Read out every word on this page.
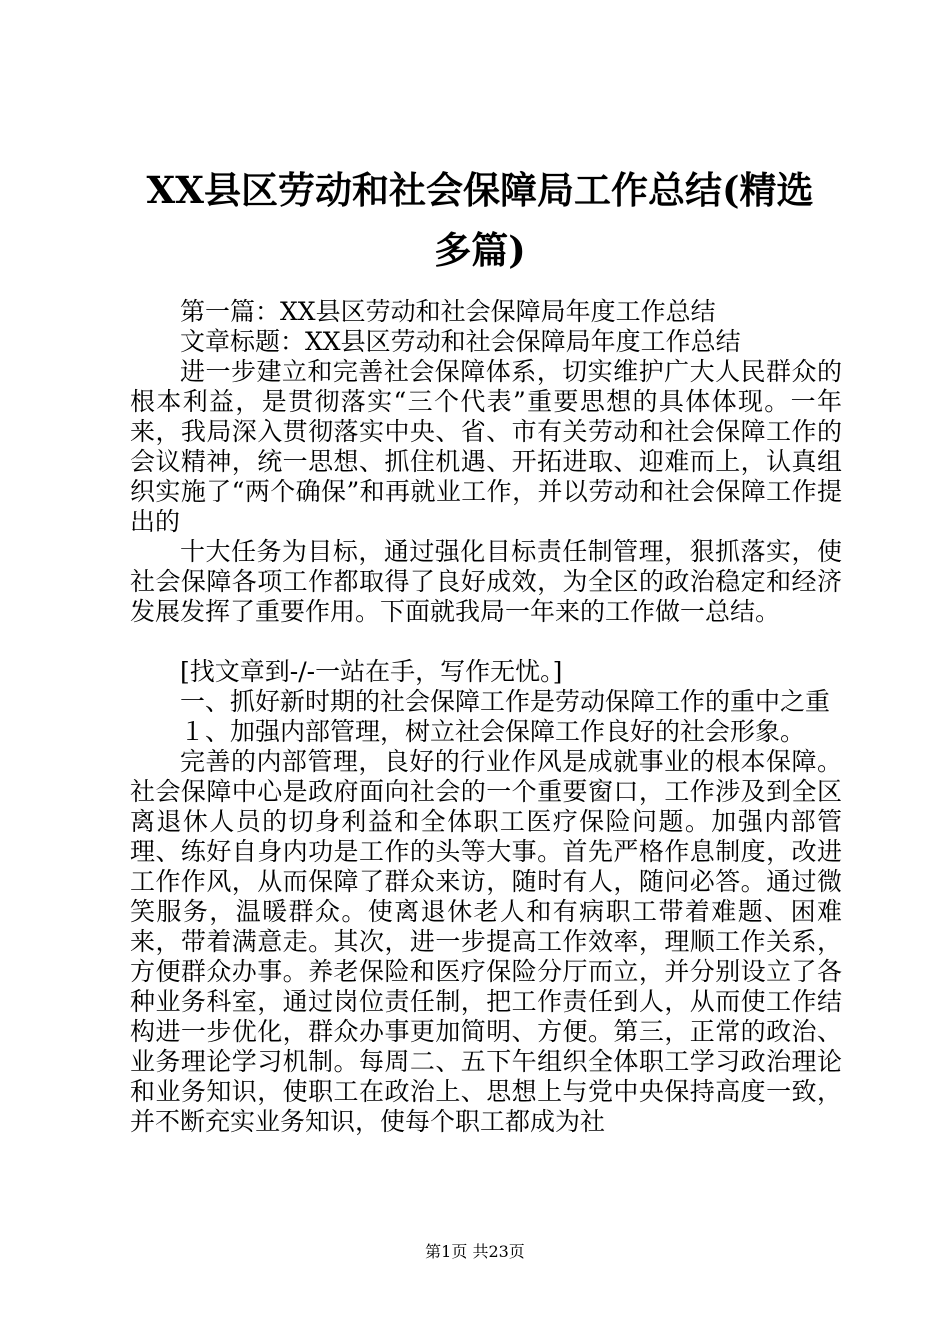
XX县区劳动和社会保障局工作总结(精选多篇)

第一篇：XX县区劳动和社会保障局年度工作总结

文章标题：XX县区劳动和社会保障局年度工作总结

进一步建立和完善社会保障体系，切实维护广大人民群众的根本利益，是贯彻落实“三个代表”重要思想的具体体现。一年来，我局深入贯彻落实中央、省、市有关劳动和社会保障工作的会议精神，统一思想、抓住机遇、开拓进取、迎难而上，认真组织实施了“两个确保”和再就业工作，并以劳动和社会保障工作提出的

十大任务为目标，通过强化目标责任制管理，狠抓落实，使社会保障各项工作都取得了良好成效，为全区的政治稳定和经济发展发挥了重要作用。下面就我局一年来的工作做一总结。

[找文章到-/-一站在手，写作无忧。]

一、抓好新时期的社会保障工作是劳动保障工作的重中之重

１、加强内部管理，树立社会保障工作良好的社会形象。

完善的内部管理，良好的行业作风是成就事业的根本保障。社会保障中心是政府面向社会的一个重要窗口，工作涉及到全区离退休人员的切身利益和全体职工医疗保险问题。加强内部管理、练好自身内功是工作的头等大事。首先严格作息制度，改进工作作风，从而保障了群众来访，随时有人，随问必答。通过微笑服务，温暖群众。使离退休老人和有病职工带着难题、困难来，带着满意走。其次，进一步提高工作效率，理顺工作关系，方便群众办事。养老保险和医疗保险分厅而立，并分别设立了各种业务科室，通过岗位责任制，把工作责任到人，从而使工作结构进一步优化，群众办事更加简明、方便。第三，正常的政治、业务理论学习机制。每周二、五下午组织全体职工学习政治理论和业务知识，使职工在政治上、思想上与党中央保持高度一致，并不断充实业务知识，使每个职工都成为社

第1页 共23页
